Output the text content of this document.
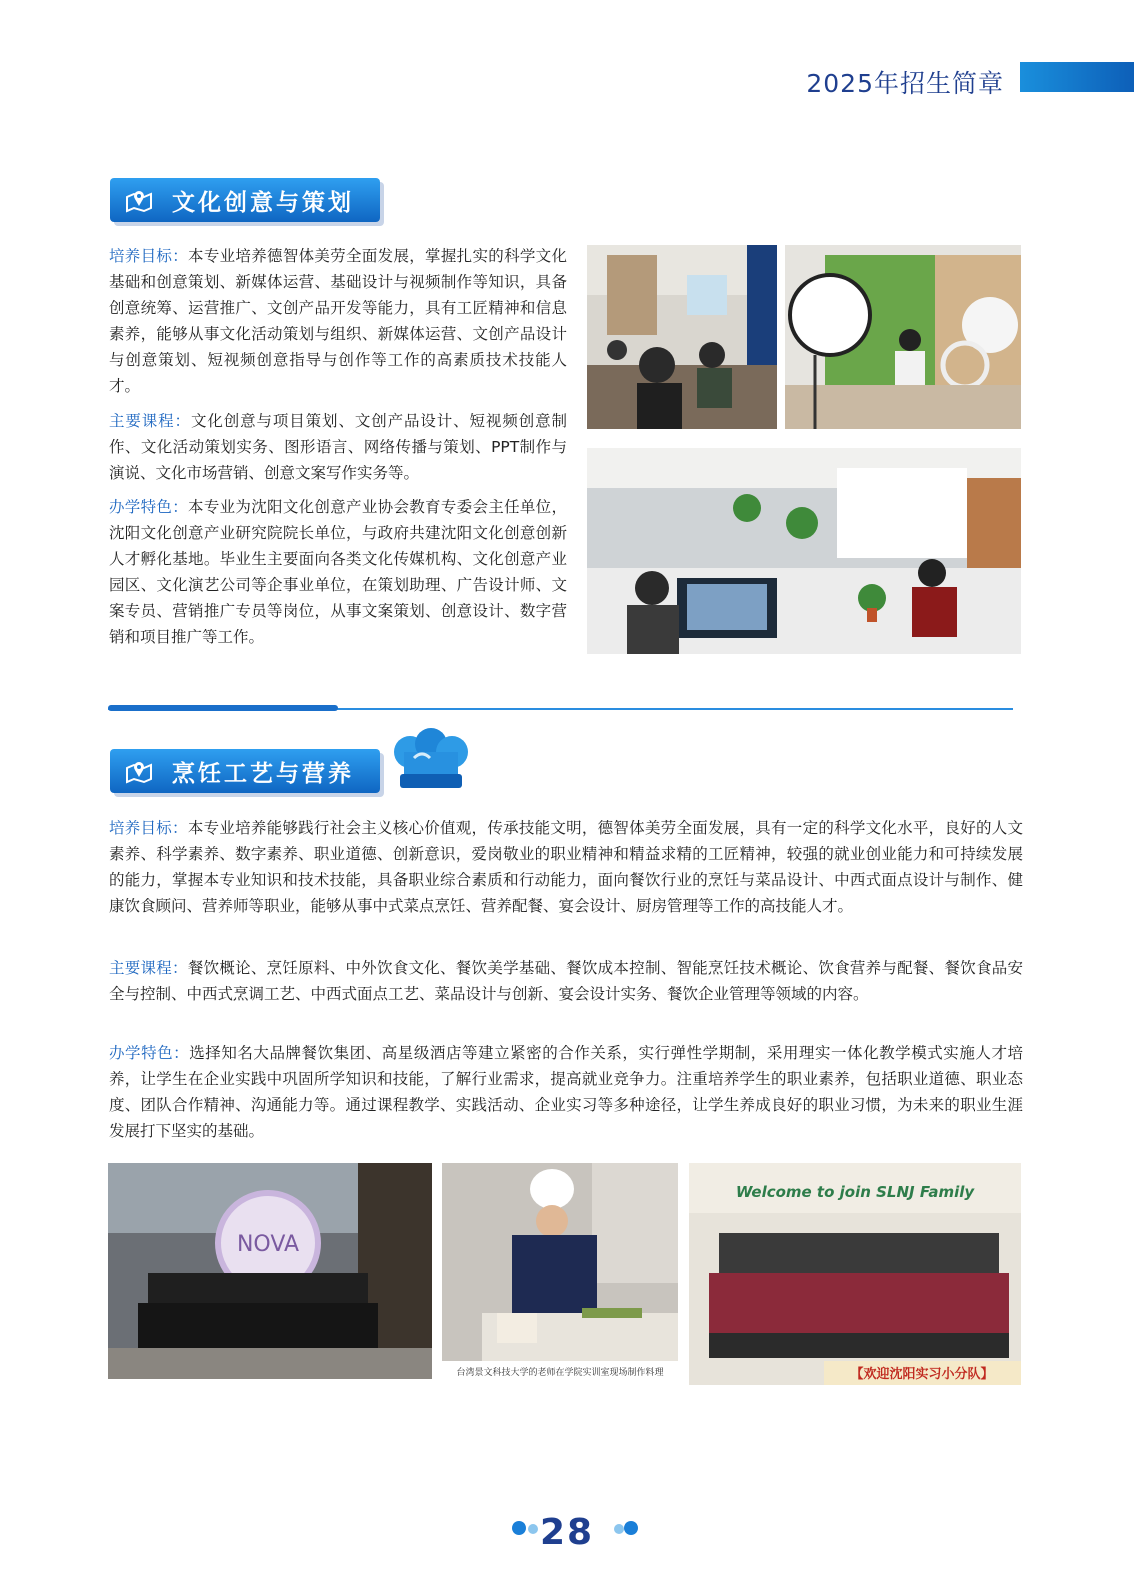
2025年招生简章
文化创意与策划
培养目标：本专业培养德智体美劳全面发展，掌握扎实的科学文化基础和创意策划、新媒体运营、基础设计与视频制作等知识，具备创意统筹、运营推广、文创产品开发等能力，具有工匠精神和信息素养，能够从事文化活动策划与组织、新媒体运营、文创产品设计与创意策划、短视频创意指导与创作等工作的高素质技术技能人才。
主要课程：文化创意与项目策划、文创产品设计、短视频创意制作、文化活动策划实务、图形语言、网络传播与策划、PPT制作与演说、文化市场营销、创意文案写作实务等。
办学特色：本专业为沈阳文化创意产业协会教育专委会主任单位，沈阳文化创意产业研究院院长单位，与政府共建沈阳文化创意创新人才孵化基地。毕业生主要面向各类文化传媒机构、文化创意产业园区、文化演艺公司等企事业单位，在策划助理、广告设计师、文案专员、营销推广专员等岗位，从事文案策划、创意设计、数字营销和项目推广等工作。
烹饪工艺与营养
培养目标：本专业培养能够践行社会主义核心价值观，传承技能文明，德智体美劳全面发展，具有一定的科学文化水平，良好的人文素养、科学素养、数字素养、职业道德、创新意识，爱岗敬业的职业精神和精益求精的工匠精神，较强的就业创业能力和可持续发展的能力，掌握本专业知识和技术技能，具备职业综合素质和行动能力，面向餐饮行业的烹饪与菜品设计、中西式面点设计与制作、健康饮食顾问、营养师等职业，能够从事中式菜点烹饪、营养配餐、宴会设计、厨房管理等工作的高技能人才。
主要课程：餐饮概论、烹饪原料、中外饮食文化、餐饮美学基础、餐饮成本控制、智能烹饪技术概论、饮食营养与配餐、餐饮食品安全与控制、中西式烹调工艺、中西式面点工艺、菜品设计与创新、宴会设计实务、餐饮企业管理等领域的内容。
办学特色：选择知名大品牌餐饮集团、高星级酒店等建立紧密的合作关系，实行弹性学期制，采用理实一体化教学模式实施人才培养，让学生在企业实践中巩固所学知识和技能，了解行业需求，提高就业竞争力。注重培养学生的职业素养，包括职业道德、职业态度、团队合作精神、沟通能力等。通过课程教学、实践活动、企业实习等多种途径，让学生养成良好的职业习惯，为未来的职业生涯发展打下坚实的基础。
NOVA
台湾景文科技大学的老师在学院实训室现场制作料理
Welcome to join SLNJ Family
【欢迎沈阳实习小分队】
28
